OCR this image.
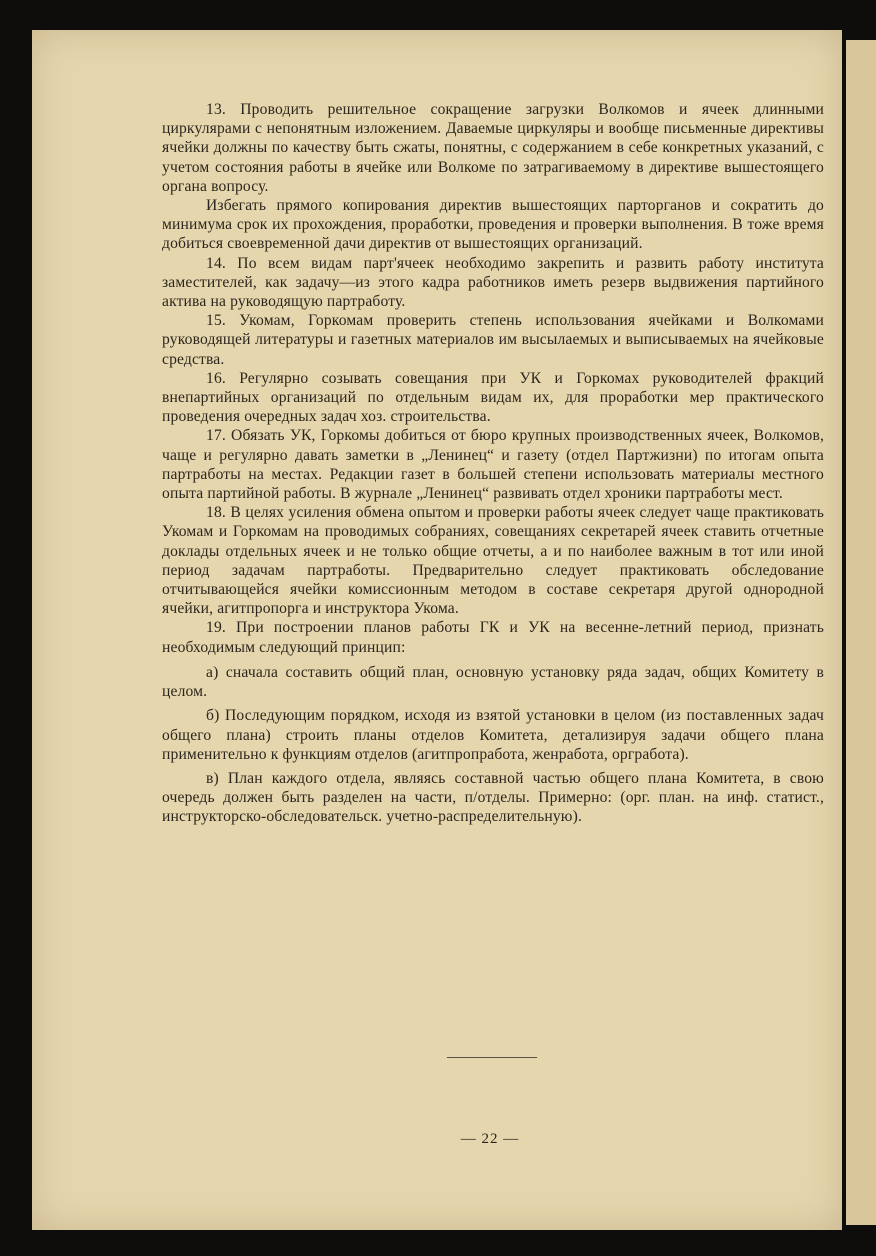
13. Проводить решительное сокращение загрузки Волкомов и ячеек длинными циркулярами с непонятным изложением. Даваемые циркуляры и вообще письменные директивы ячейки должны по качеству быть сжаты, понятны, с содержанием в себе конкретных указаний, с учетом состояния работы в ячейке или Волкоме по затрагиваемому в директиве вышестоящего органа вопросу.

Избегать прямого копирования директив вышестоящих парторганов и сократить до минимума срок их прохождения, проработки, проведения и проверки выполнения. В тоже время добиться своевременной дачи директив от вышестоящих организаций.

14. По всем видам парт'ячеек необходимо закрепить и развить работу института заместителей, как задачу—из этого кадра работников иметь резерв выдвижения партийного актива на руководящую партработу.

15. Укомам, Горкомам проверить степень использования ячейками и Волкомами руководящей литературы и газетных материалов им высылаемых и выписываемых на ячейковые средства.

16. Регулярно созывать совещания при УК и Горкомах руководителей фракций внепартийных организаций по отдельным видам их, для проработки мер практического проведения очередных задач хоз. строительства.

17. Обязать УК, Горкомы добиться от бюро крупных производственных ячеек, Волкомов, чаще и регулярно давать заметки в „Ленинец“ и газету (отдел Партжизни) по итогам опыта партработы на местах. Редакции газет в большей степени использовать материалы местного опыта партийной работы. В журнале „Ленинец“ развивать отдел хроники партработы мест.

18. В целях усиления обмена опытом и проверки работы ячеек следует чаще практиковать Укомам и Горкомам на проводимых собраниях, совещаниях секретарей ячеек ставить отчетные доклады отдельных ячеек и не только общие отчеты, а и по наиболее важным в тот или иной период задачам партработы. Предварительно следует практиковать обследование отчитывающейся ячейки комиссионным методом в составе секретаря другой однородной ячейки, агитпропорга и инструктора Укома.

19. При построении планов работы ГК и УК на весенне-летний период, признать необходимым следующий принцип:

а) сначала составить общий план, основную установку ряда задач, общих Комитету в целом.

б) Последующим порядком, исходя из взятой установки в целом (из поставленных задач общего плана) строить планы отделов Комитета, детализируя задачи общего плана применительно к функциям отделов (агитпропработа, женработа, оргработа).

в) План каждого отдела, являясь составной частью общего плана Комитета, в свою очередь должен быть разделен на части, п/отделы. Примерно: (орг. план. на инф. статист., инструкторско-обследовательск. учетно-распределительную).

— 22 —
